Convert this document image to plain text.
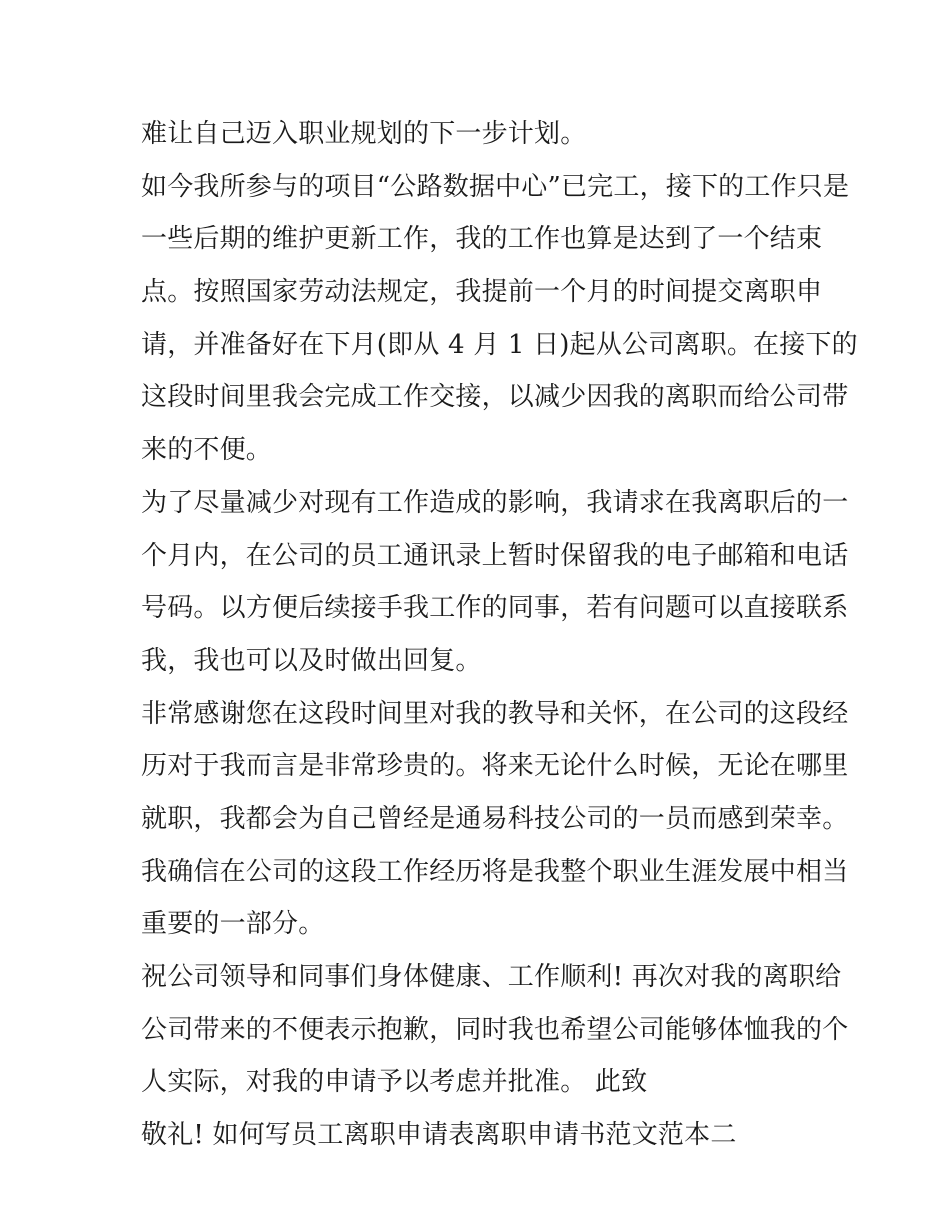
难让自己迈入职业规划的下一步计划。
如今我所参与的项目“公路数据中心”已完工，接下的工作只是
一些后期的维护更新工作，我的工作也算是达到了一个结束
点。按照国家劳动法规定，我提前一个月的时间提交离职申
请，并准备好在下月(即从 4 月 1 日)起从公司离职。在接下的
这段时间里我会完成工作交接，以减少因我的离职而给公司带
来的不便。
为了尽量减少对现有工作造成的影响，我请求在我离职后的一
个月内，在公司的员工通讯录上暂时保留我的电子邮箱和电话
号码。以方便后续接手我工作的同事，若有问题可以直接联系
我，我也可以及时做出回复。
非常感谢您在这段时间里对我的教导和关怀，在公司的这段经
历对于我而言是非常珍贵的。将来无论什么时候，无论在哪里
就职，我都会为自己曾经是通易科技公司的一员而感到荣幸。
我确信在公司的这段工作经历将是我整个职业生涯发展中相当
重要的一部分。
祝公司领导和同事们身体健康、工作顺利! 再次对我的离职给
公司带来的不便表示抱歉，同时我也希望公司能够体恤我的个
人实际，对我的申请予以考虑并批准。 此致
敬礼! 如何写员工离职申请表离职申请书范文范本二
